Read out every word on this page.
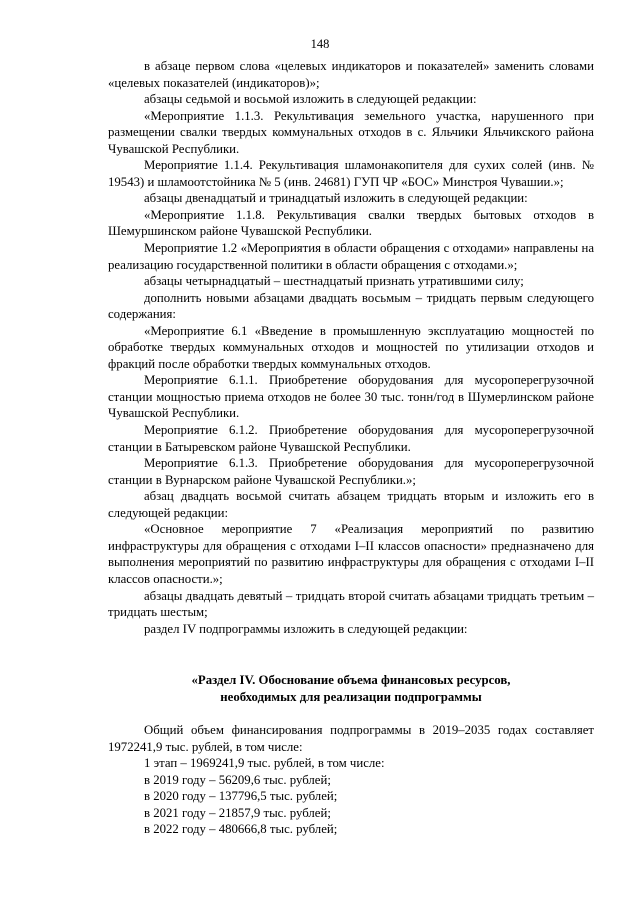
148

в абзаце первом слова «целевых индикаторов и показателей» заменить словами «целевых показателей (индикаторов)»;

абзацы седьмой и восьмой изложить в следующей редакции:

«Мероприятие 1.1.3. Рекультивация земельного участка, нарушенного при размещении свалки твердых коммунальных отходов в с. Яльчики Яльчикского района Чувашской Республики.

Мероприятие 1.1.4. Рекультивация шламонакопителя для сухих солей (инв. № 19543) и шламоотстойника № 5 (инв. 24681) ГУП ЧР «БОС» Минстроя Чувашии.»;

абзацы двенадцатый и тринадцатый изложить в следующей редакции:

«Мероприятие 1.1.8. Рекультивация свалки твердых бытовых отходов в Шемуршинском районе Чувашской Республики.

Мероприятие 1.2 «Мероприятия в области обращения с отходами» направлены на реализацию государственной политики в области обращения с отходами.»;

абзацы четырнадцатый – шестнадцатый признать утратившими силу;

дополнить новыми абзацами двадцать восьмым – тридцать первым следующего содержания:

«Мероприятие 6.1 «Введение в промышленную эксплуатацию мощностей по обработке твердых коммунальных отходов и мощностей по утилизации отходов и фракций после обработки твердых коммунальных отходов.

Мероприятие 6.1.1. Приобретение оборудования для мусороперегрузочной станции мощностью приема отходов не более 30 тыс. тонн/год в Шумерлинском районе Чувашской Республики.

Мероприятие 6.1.2. Приобретение оборудования для мусороперегрузочной станции в Батыревском районе Чувашской Республики.

Мероприятие 6.1.3. Приобретение оборудования для мусороперегрузочной станции в Вурнарском районе Чувашской Республики.»;

абзац двадцать восьмой считать абзацем тридцать вторым и изложить его в следующей редакции:

«Основное мероприятие 7 «Реализация мероприятий по развитию инфраструктуры для обращения с отходами I–II классов опасности» предназначено для выполнения мероприятий по развитию инфраструктуры для обращения с отходами I–II классов опасности.»;

абзацы двадцать девятый – тридцать второй считать абзацами тридцать третьим – тридцать шестым;

раздел IV подпрограммы изложить в следующей редакции:

«Раздел IV. Обоснование объема финансовых ресурсов,
необходимых для реализации подпрограммы

Общий объем финансирования подпрограммы в 2019–2035 годах составляет 1972241,9 тыс. рублей, в том числе:

1 этап – 1969241,9 тыс. рублей, в том числе:

в 2019 году – 56209,6 тыс. рублей;

в 2020 году – 137796,5 тыс. рублей;

в 2021 году – 21857,9 тыс. рублей;

в 2022 году – 480666,8 тыс. рублей;
